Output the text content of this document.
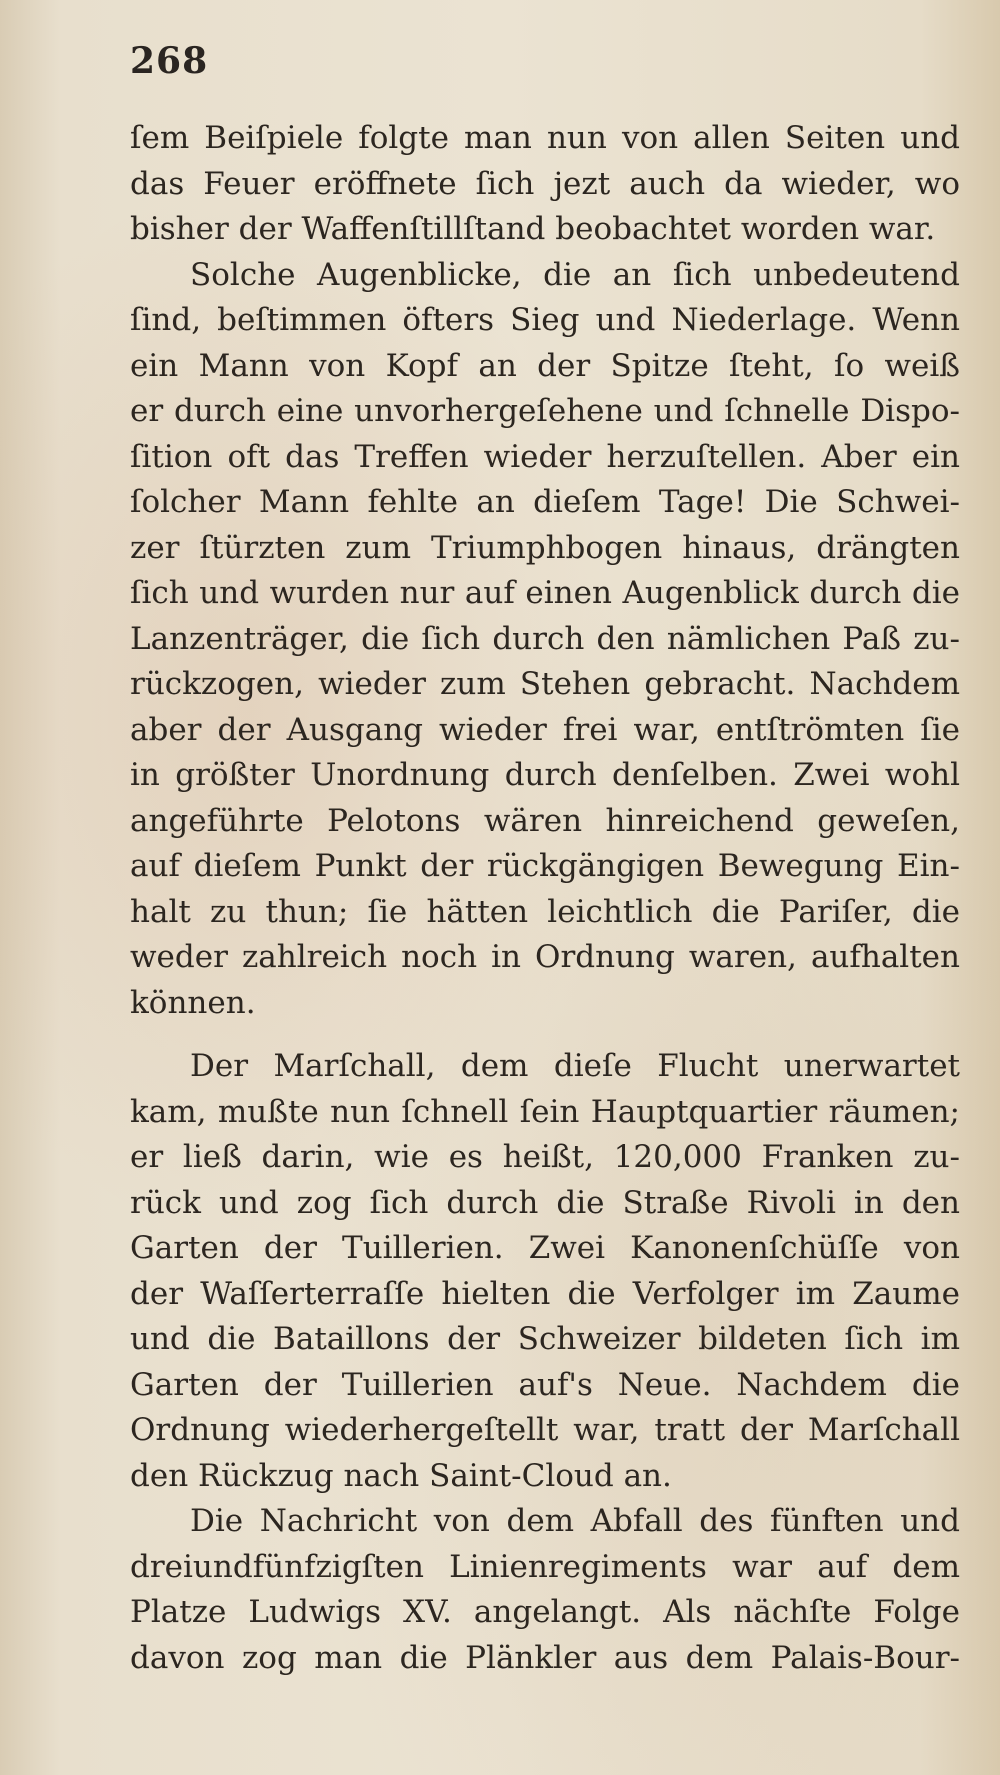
268
ſem Beiſpiele folgte man nun von allen Seiten und
das Feuer eröffnete ſich jezt auch da wieder, wo
bisher der Waffenſtillſtand beobachtet worden war.
Solche Augenblicke, die an ſich unbedeutend
ſind, beſtimmen öfters Sieg und Niederlage. Wenn
ein Mann von Kopf an der Spitze ſteht, ſo weiß
er durch eine unvorhergeſehene und ſchnelle Dispo-
ſition oft das Treffen wieder herzuſtellen. Aber ein
ſolcher Mann fehlte an dieſem Tage! Die Schwei-
zer ſtürzten zum Triumphbogen hinaus, drängten
ſich und wurden nur auf einen Augenblick durch die
Lanzenträger, die ſich durch den nämlichen Paß zu-
rückzogen, wieder zum Stehen gebracht. Nachdem
aber der Ausgang wieder frei war, entſtrömten ſie
in größter Unordnung durch denſelben. Zwei wohl
angeführte Pelotons wären hinreichend geweſen,
auf dieſem Punkt der rückgängigen Bewegung Ein-
halt zu thun; ſie hätten leichtlich die Pariſer, die
weder zahlreich noch in Ordnung waren, aufhalten
können.
Der Marſchall, dem dieſe Flucht unerwartet
kam, mußte nun ſchnell ſein Hauptquartier räumen;
er ließ darin, wie es heißt, 120,000 Franken zu-
rück und zog ſich durch die Straße Rivoli in den
Garten der Tuillerien. Zwei Kanonenſchüſſe von
der Waſſerterraſſe hielten die Verfolger im Zaume
und die Bataillons der Schweizer bildeten ſich im
Garten der Tuillerien auf's Neue. Nachdem die
Ordnung wiederhergeſtellt war, tratt der Marſchall
den Rückzug nach Saint-Cloud an.
Die Nachricht von dem Abfall des fünften und
dreiundfünfzigſten Linienregiments war auf dem
Platze Ludwigs XV. angelangt. Als nächſte Folge
davon zog man die Plänkler aus dem Palais-Bour-
